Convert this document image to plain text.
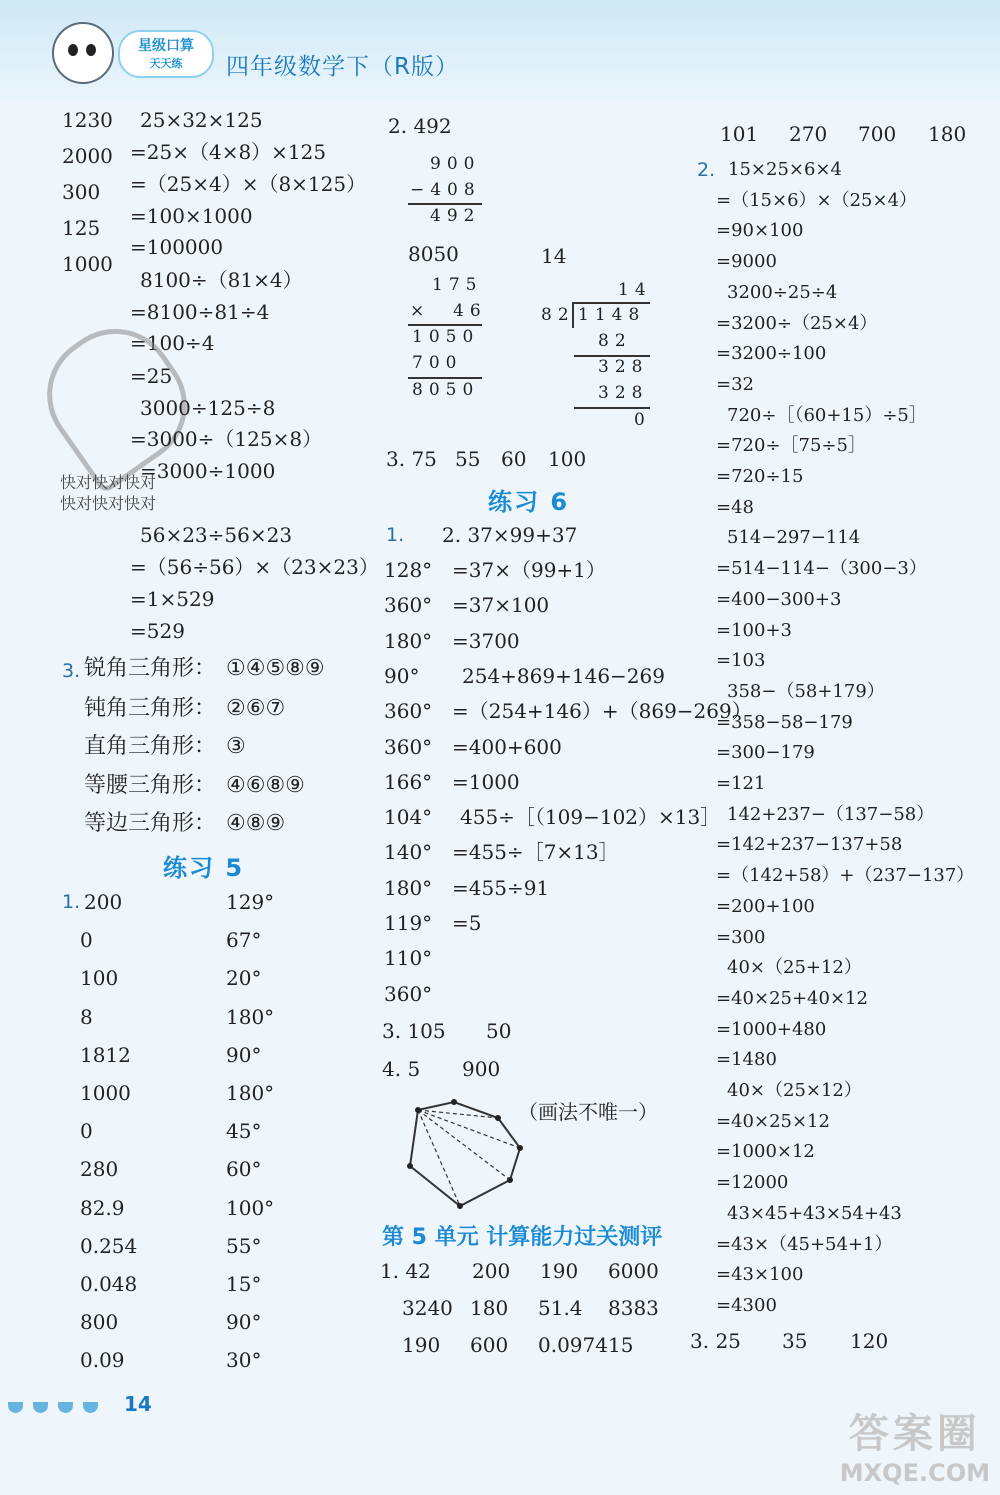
星级口算
天天练	四年级数学下（R版）
1230
2000
300
125
1000
25×32×125
=25×（4×8）×125
=（25×4）×（8×125）
=100×1000
=100000
8100÷（81×4）
=8100÷81÷4
=100÷4
=25
3000÷125÷8
=3000÷（125×8）
=3000÷1000
快对快对快对
快对快对快对
56×23÷56×23
=（56÷56）×（23×23）
=1×529
=529
3. 锐角三角形： ①④⑤⑧⑨
钝角三角形： ②⑥⑦
直角三角形： ③
等腰三角形： ④⑥⑧⑨
等边三角形： ④⑧⑨
练习 5
1. 200
0
100
8
1812
1000
0
280
82.9
0.254
0.048
800
0.09
129°
67°
20°
180°
90°
180°
45°
60°
100°
55°
15°
90°
30°
2. 492
900
−408
492
8050	14
175
×  46
1050
700
8050
14
82 1148
82
328
328
0
3. 75 55 60 100
练习 6
1. 2. 37×99+37
128°
360°
180°
90°
360°
360°
166°
104°
140°
180°
119°
110°
360°
=37×（99+1）
=37×100
=3700
254+869+146−269
=（254+146）+（869−269）
=400+600
=1000
455÷［（109−102）×13］
=455÷［7×13］
=455÷91
=5
3. 105 50
4. 5 900
（画法不唯一）
第 5 单元 计算能力过关测评
1. 42 200 190 6000
3240 180 51.4 8383
190 600 0.0974 15
101 270 700 180
2. 15×25×6×4
=（15×6）×（25×4）
=90×100
=9000
3200÷25÷4
=3200÷（25×4）
=3200÷100
=32
720÷［（60+15）÷5］
=720÷［75÷5］
=720÷15
=48
514−297−114
=514−114−（300−3）
=400−300+3
=100+3
=103
358−（58+179）
=358−58−179
=300−179
=121
142+237−（137−58）
=142+237−137+58
=（142+58）+（237−137）
=200+100
=300
40×（25+12）
=40×25+40×12
=1000+480
=1480
40×（25×12）
=40×25×12
=1000×12
=12000
43×45+43×54+43
=43×（45+54+1）
=43×100
=4300
3. 25 35 120
14
答案圈
MXQE.COM
